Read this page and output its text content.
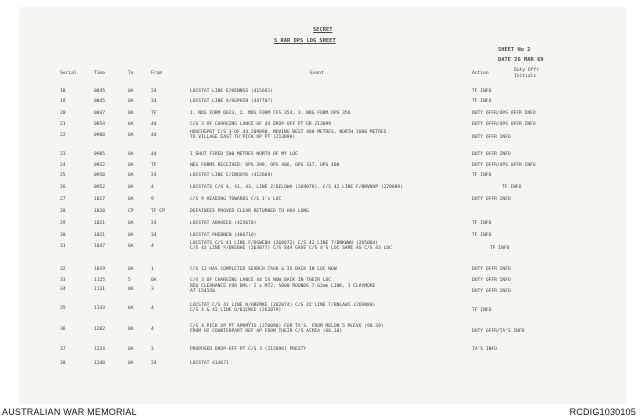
SECRET
5 RAR OPS LOG SHEET
SHEET No 2
DATE 26 MAR 69
Serial	Time	To	From	Event	Action
Duty Offr
Initials
18	0845	0A	24	LOCSTAT LINE E/KENNSS (415661)	TF INFO
19	0845	0A	34	LOCSTAT LINE A/OGPHIN (447707)	TF INFO
20	0847	0A	TF	1. NDG FORM Q623, 2. MDG FORM CFS 354, 3. NDG FORM OPS 356	DUTY OFFR/OPS OFFR INFO
21	0854	0A	44	C/S 3 OF CHARGING LANCE OF 44 DROP-OFF PT GR 213099	DUTY OFFR/OPS OFFR INFO
22	0900	0A	44
HOUCHSPOT C/S 3 OF 44 209090. MOVING WEST 400 METRES, NORTH 1000 METRES
TO VILLAGE EAST TO PICK UP PT (213099)	DUTY OFFR INFO
23	0905	0A	44	1 SHOT FIRED 500 METRES NORTH OF MY LOC	DUTY OFFR INFO
24	0922	0A	TF	NEG FORMS RECEIVED: OPS 399, OPS 406, OPS 337, OPS 400	DUTY OFFR/OPS OFFR INFO
25	0950	0A	24	LOCSTAT LINE E/INQUYK (412669)	TF INFO
26	0952	0A	4	LOCSTATS C/S 4, 41, 43, LINE Z/DELQWA (269078), C/S 42 LINE F/BNVKHP (270089)	TF INFO
27	1017	0A	9	C/S 9 HEADING TOWARDS C/S 1's LOC	DUTY OFFR INFO
28	1020	CP	TF CP	DEFAINEES PROVED CLEAR RETURNED TO HOA LONG
29	1021	0A	24	LOCSTAT ADAHEEU (423670)	TF INFO
30	1021	0A	34	LOCSTAT PHEBNEN (466710)	TF INFO
31	1047	0A	4
LOCSTATS C/S 41 LINE F/DGWEBH (268072) C/S 42 LINE T/BNKWWU (265084)
C/S 43 LINE F/DKEBHE (263077) C/S 84A GAVE C/S 4'S LOC SAME AS C/S 43 LOC	TF INFO
32	1019	0A	1	C/S 12 HAS COMPLETED SEARCH TASK & IS BACK IN LOC NOW	DUTY OFFR INFO
33	1125	5	0A	C/S 3 OF CHARGING LANCE 44 IS NOW BACK IN THEIR LOC	DUTY OFFR INFO
34	1131	0A	3
REQ CLEARANCE FOR DML: 2 x M72, 5000 ROUNDS 7.62mm LINK, 1 CLAYMORE
AT 154150	DUTY OFFR INFO
35	1143	0A	4
LOCSTAT C/S 41 LINE H/HBEMKE (262074) C/S 42 LINE T/BNLAWI (269088)
C/S 4 & 43 LINE O/BJCMCE (262079)	TF INFO
36	1202	0A	4
C/S 4 PICK UP PT APKMYIS (270090) FOR TA'S. FROM MELON 5 MLEVO (90.39)
FROM HI COUNTERPART REF AP FROM THEIR C/S ACMIA (66.10)	DUTY OFFR/TA'S INFO
37	1224	0A	3	PROPOSED DROP-OFF PT C/S 3 (212096) PRESTY	TA'S INFO
38	1240	0A	24	LOCSTAT 414671
AUSTRALIAN WAR MEMORIAL	RCDIG1030105
